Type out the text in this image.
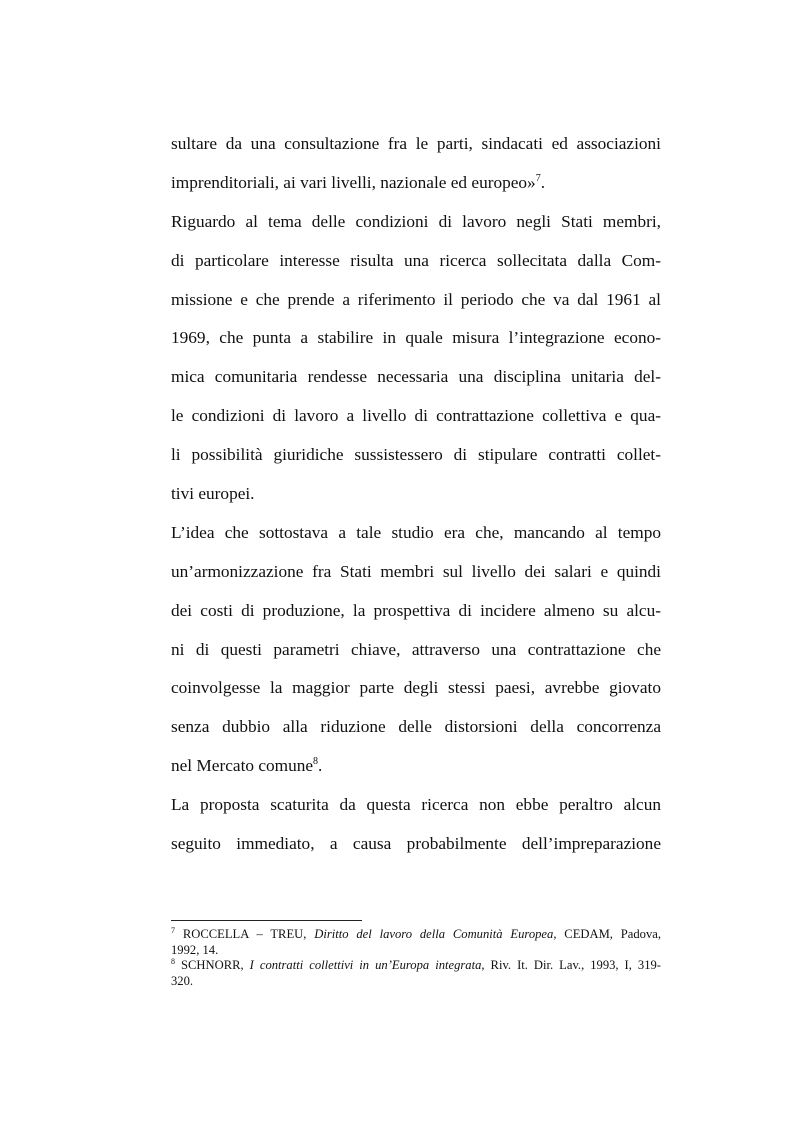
sultare da una consultazione fra le parti, sindacati ed associazioni
imprenditoriali, ai vari livelli, nazionale ed europeo»$^7$.
Riguardo al tema delle condizioni di lavoro negli Stati membri,
di particolare interesse risulta una ricerca sollecitata dalla Com-
missione e che prende a riferimento il periodo che va dal 1961 al
1969, che punta a stabilire in quale misura l’integrazione econo-
mica comunitaria rendesse necessaria una disciplina unitaria del-
le condizioni di lavoro a livello di contrattazione collettiva e qua-
li possibilità giuridiche sussistessero di stipulare contratti collet-
tivi europei.
L’idea che sottostava a tale studio era che, mancando al tempo
un’armonizzazione fra Stati membri sul livello dei salari e quindi
dei costi di produzione, la prospettiva di incidere almeno su alcu-
ni di questi parametri chiave, attraverso una contrattazione che
coinvolgesse la maggior parte degli stessi paesi, avrebbe giovato
senza dubbio alla riduzione delle distorsioni della concorrenza
nel Mercato comune$^8$.
La proposta scaturita da questa ricerca non ebbe peraltro alcun
seguito immediato, a causa probabilmente dell’impreparazione
$^7$ ROCCELLA – TREU, Diritto del lavoro della Comunità Europea, CEDAM, Padova,
1992, 14.
$^8$ SCHNORR, I contratti collettivi in un’Europa integrata, Riv. It. Dir. Lav., 1993, I, 319-
320.
